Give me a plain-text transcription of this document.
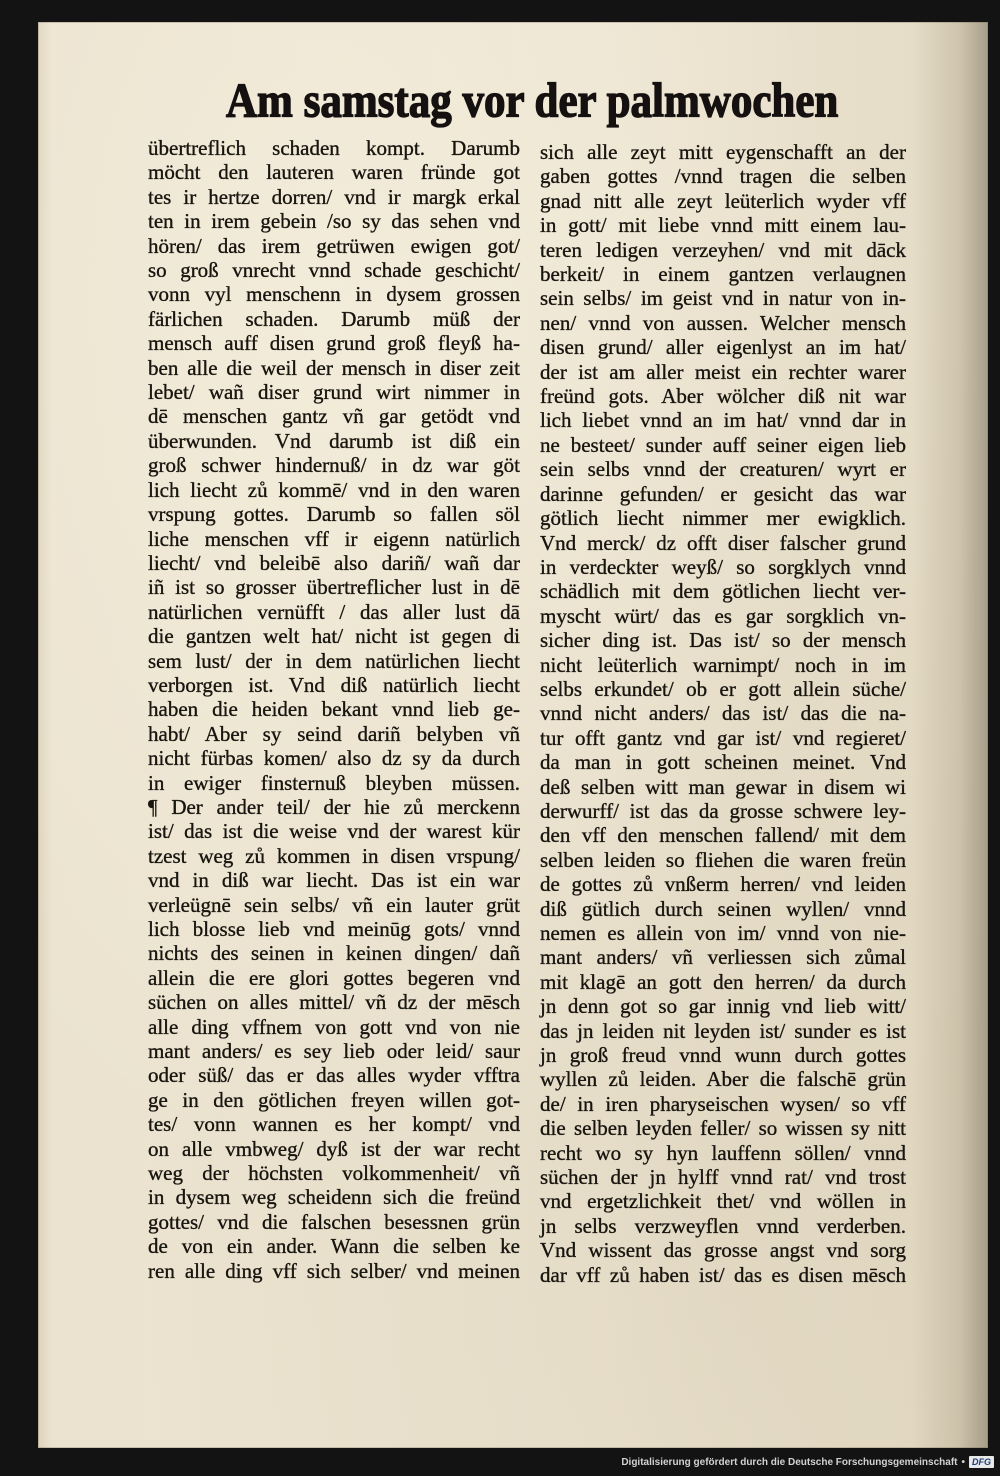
Am samstag vor der palmwochen
übertreflich schaden kompt. Darumb
möcht den lauteren waren fründe got
tes ir hertze dorren/ vnd ir margk erkal
ten in irem gebein /so sy das sehen vnd
hören/ das irem getrüwen ewigen got/
so groß vnrecht vnnd schade geschicht/
vonn vyl menschenn in dysem grossen
färlichen schaden. Darumb müß der
mensch auff disen grund groß fleyß ha-
ben alle die weil der mensch in diser zeit
lebet/ wañ diser grund wirt nimmer in
dē menschen gantz vñ gar getödt vnd
überwunden. Vnd darumb ist diß ein
groß schwer hindernuß/ in dz war göt
lich liecht zů kommē/ vnd in den waren
vrspung gottes. Darumb so fallen söl
liche menschen vff ir eigenn natürlich
liecht/ vnd beleibē also dariñ/ wañ dar
iñ ist so grosser übertreflicher lust in dē
natürlichen vernüfft / das aller lust dā
die gantzen welt hat/ nicht ist gegen di
sem lust/ der in dem natürlichen liecht
verborgen ist. Vnd diß natürlich liecht
haben die heiden bekant vnnd lieb ge-
habt/ Aber sy seind dariñ belyben vñ
nicht fürbas komen/ also dz sy da durch
in ewiger finsternuß bleyben müssen.
¶ Der ander teil/ der hie zů merckenn
ist/ das ist die weise vnd der warest kür
tzest weg zů kommen in disen vrspung/
vnd in diß war liecht. Das ist ein war
verleügnē sein selbs/ vñ ein lauter grüt
lich blosse lieb vnd meinūg gots/ vnnd
nichts des seinen in keinen dingen/ dañ
allein die ere glori gottes begeren vnd
süchen on alles mittel/ vñ dz der mēsch
alle ding vffnem von gott vnd von nie
mant anders/ es sey lieb oder leid/ saur
oder süß/ das er das alles wyder vfftra
ge in den götlichen freyen willen got-
tes/ vonn wannen es her kompt/ vnd
on alle vmbweg/ dyß ist der war recht
weg der höchsten volkommenheit/ vñ
in dysem weg scheidenn sich die freünd
gottes/ vnd die falschen besessnen grün
de von ein ander. Wann die selben ke
ren alle ding vff sich selber/ vnd meinen
sich alle zeyt mitt eygenschafft an der
gaben gottes /vnnd tragen die selben
gnad nitt alle zeyt leüterlich wyder vff
in gott/ mit liebe vnnd mitt einem lau-
teren ledigen verzeyhen/ vnd mit dāck
berkeit/ in einem gantzen verlaugnen
sein selbs/ im geist vnd in natur von in-
nen/ vnnd von aussen. Welcher mensch
disen grund/ aller eigenlyst an im hat/
der ist am aller meist ein rechter warer
freünd gots. Aber wölcher diß nit war
lich liebet vnnd an im hat/ vnnd dar in
ne besteet/ sunder auff seiner eigen lieb
sein selbs vnnd der creaturen/ wyrt er
darinne gefunden/ er gesicht das war
götlich liecht nimmer mer ewigklich.
Vnd merck/ dz offt diser falscher grund
in verdeckter weyß/ so sorgklych vnnd
schädlich mit dem götlichen liecht ver-
myscht würt/ das es gar sorgklich vn-
sicher ding ist. Das ist/ so der mensch
nicht leüterlich warnimpt/ noch in im
selbs erkundet/ ob er gott allein süche/
vnnd nicht anders/ das ist/ das die na-
tur offt gantz vnd gar ist/ vnd regieret/
da man in gott scheinen meinet. Vnd
deß selben witt man gewar in disem wi
derwurff/ ist das da grosse schwere ley-
den vff den menschen fallend/ mit dem
selben leiden so fliehen die waren freün
de gottes zů vnßerm herren/ vnd leiden
diß gütlich durch seinen wyllen/ vnnd
nemen es allein von im/ vnnd von nie-
mant anders/ vñ verliessen sich zůmal
mit klagē an gott den herren/ da durch
jn denn got so gar innig vnd lieb witt/
das jn leiden nit leyden ist/ sunder es ist
jn groß freud vnnd wunn durch gottes
wyllen zů leiden. Aber die falschē grün
de/ in iren pharyseischen wysen/ so vff
die selben leyden feller/ so wissen sy nitt
recht wo sy hyn lauffenn söllen/ vnnd
süchen der jn hylff vnnd rat/ vnd trost
vnd ergetzlichkeit thet/ vnd wöllen in
jn selbs verzweyflen vnnd verderben.
Vnd wissent das grosse angst vnd sorg
dar vff zů haben ist/ das es disen mēsch
Digitalisierung gefördert durch die Deutsche Forschungsgemeinschaft • DFG
